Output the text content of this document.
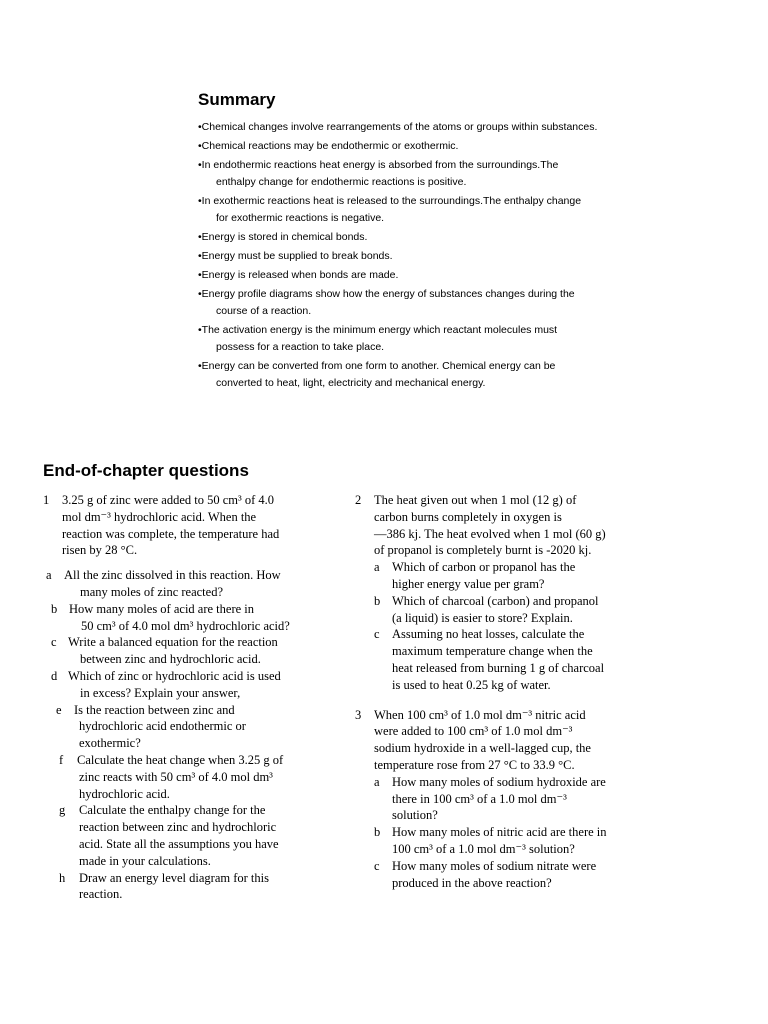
Summary
•Chemical changes involve rearrangements of the atoms or groups within substances.
•Chemical reactions may be endothermic or exothermic.
•In endothermic reactions heat energy is absorbed from the surroundings.The
enthalpy change for endothermic reactions is positive.
•In exothermic reactions heat is released to the surroundings.The enthalpy change
for exothermic reactions is negative.
•Energy is stored in chemical bonds.
•Energy must be supplied to break bonds.
•Energy is released when bonds are made.
•Energy profile diagrams show how the energy of substances changes during the
course of a reaction.
•The activation energy is the minimum energy which reactant molecules must
possess for a reaction to take place.
•Energy can be converted from one form to another. Chemical energy can be
converted to heat, light, electricity and mechanical energy.
End-of-chapter questions
1 3.25 g of zinc were added to 50 cm³ of 4.0
mol dm⁻³ hydrochloric acid. When the
reaction was complete, the temperature had
risen by 28 °C.
a All the zinc dissolved in this reaction. How
many moles of zinc reacted?
b How many moles of acid are there in
50 cm³ of 4.0 mol dm³ hydrochloric acid?
c Write a balanced equation for the reaction
between zinc and hydrochloric acid.
d Which of zinc or hydrochloric acid is used
in excess? Explain your answer,
e Is the reaction between zinc and
hydrochloric acid endothermic or
exothermic?
f Calculate the heat change when 3.25 g of
zinc reacts with 50 cm³ of 4.0 mol dm³
hydrochloric acid.
g Calculate the enthalpy change for the
reaction between zinc and hydrochloric
acid. State all the assumptions you have
made in your calculations.
h Draw an energy level diagram for this
reaction.
2 The heat given out when 1 mol (12 g) of
carbon burns completely in oxygen is
—386 kj. The heat evolved when 1 mol (60 g)
of propanol is completely burnt is -2020 kj.
a Which of carbon or propanol has the
higher energy value per gram?
b Which of charcoal (carbon) and propanol
(a liquid) is easier to store? Explain.
c Assuming no heat losses, calculate the
maximum temperature change when the
heat released from burning 1 g of charcoal
is used to heat 0.25 kg of water.
3 When 100 cm³ of 1.0 mol dm⁻³ nitric acid
were added to 100 cm³ of 1.0 mol dm⁻³
sodium hydroxide in a well-lagged cup, the
temperature rose from 27 °C to 33.9 °C.
a How many moles of sodium hydroxide are
there in 100 cm³ of a 1.0 mol dm⁻³
solution?
b How many moles of nitric acid are there in
100 cm³ of a 1.0 mol dm⁻³ solution?
c How many moles of sodium nitrate were
produced in the above reaction?
